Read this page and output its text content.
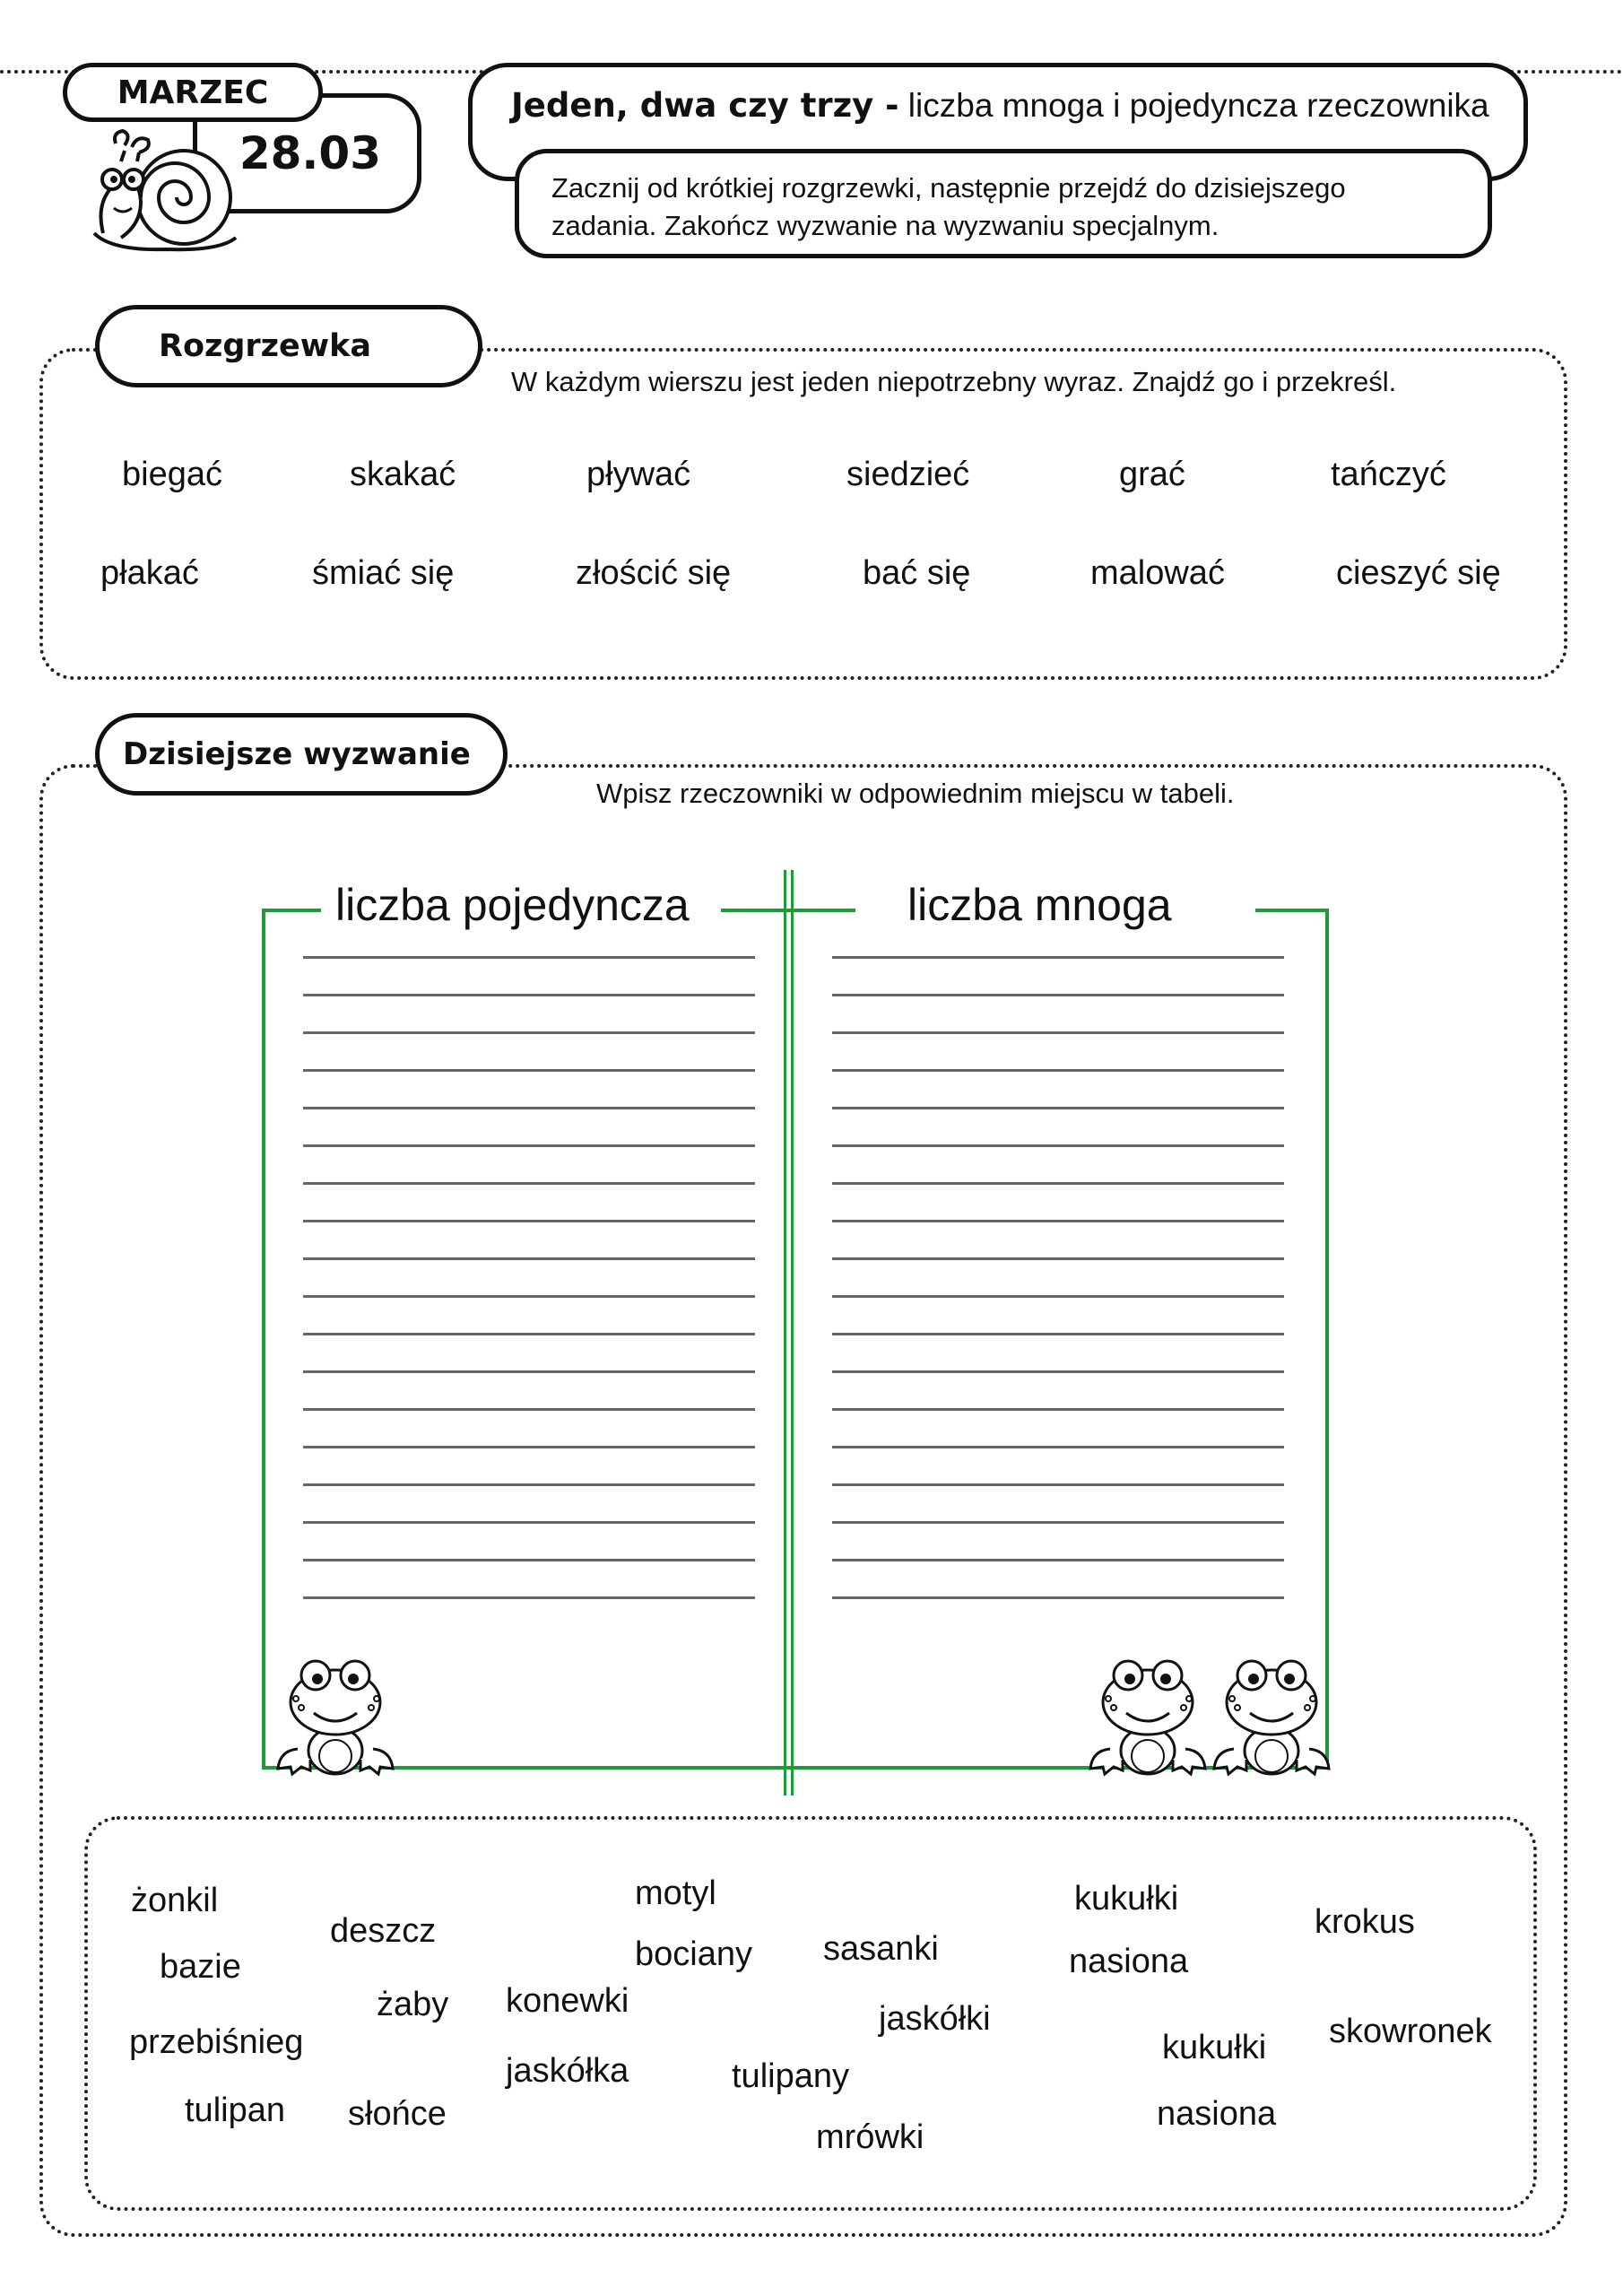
28.03
MARZEC	Jeden, dwa czy trzy - liczba mnoga i pojedyncza rzeczownika
Zacznij od krótkiej rozgrzewki, następnie przejdź do dzisiejszego
zadania. Zakończ wyzwanie na wyzwaniu specjalnym.
Rozgrzewka
W każdym wierszu jest jeden niepotrzebny wyraz. Znajdź go i przekreśl.
biegać	skakać	pływać	siedzieć	grać	tańczyć
płakać	śmiać się	złościć się	bać się	malować	cieszyć się
Dzisiejsze wyzwanie
Wpisz rzeczowniki w odpowiednim miejscu w tabeli.
liczba pojedyncza	liczba mnoga
żonkil
bazie
przebiśnieg
tulipan
deszcz
żaby
słońce
motyl
bociany
konewki
jaskółka	tulipany
sasanki
jaskółki
mrówki
kukułki
nasiona
kukułki
nasiona
krokus
skowronek
